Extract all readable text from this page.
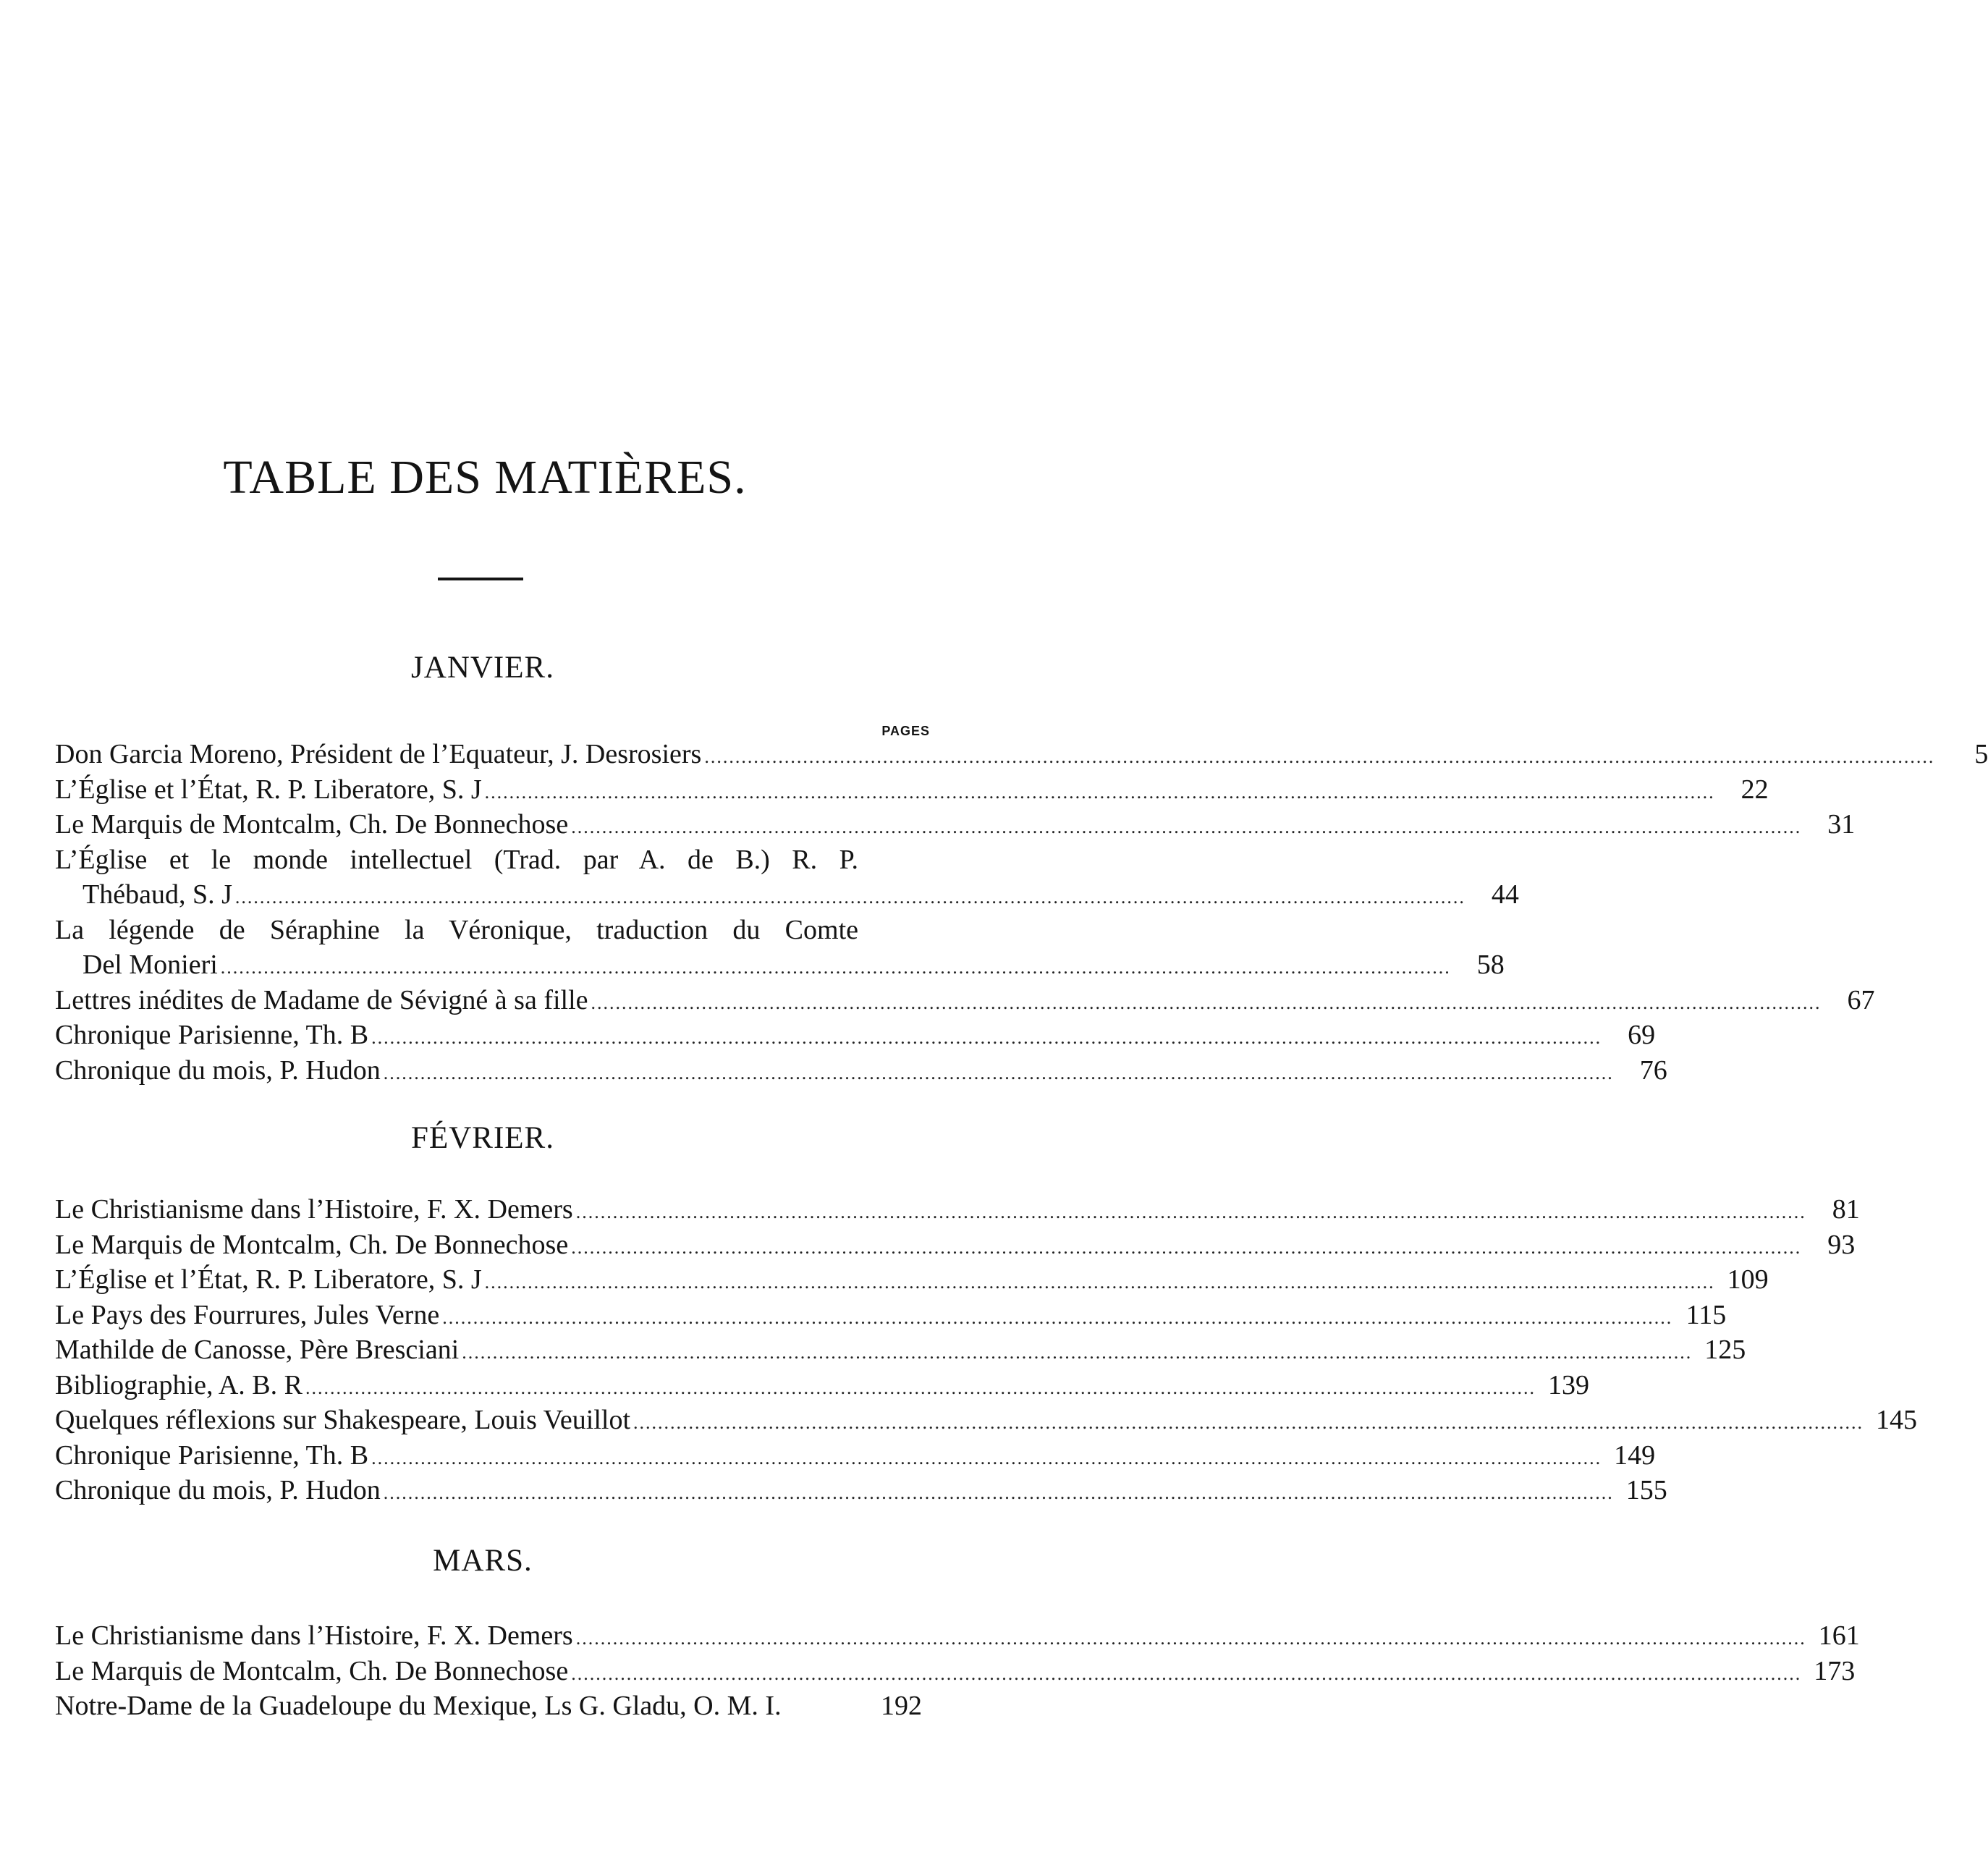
TABLE DES MATIÈRES.
JANVIER.
PAGES
Don Garcia Moreno, Président de l’Equateur, J. Desrosiers ........................................................................................................................................................................................................	5
L’Église et l’État, R. P. Liberatore, S. J ........................................................................................................................................................................................................ 22
Le Marquis de Montcalm, Ch. De Bonnechose ........................................................................................................................................................................................................ 31
L’Église et le monde intellectuel (Trad. par A. de B.) R. P.
Thébaud, S. J ........................................................................................................................................................................................................ 44
La légende de Séraphine la Véronique, traduction du Comte
Del Monieri ........................................................................................................................................................................................................ 58
Lettres inédites de Madame de Sévigné à sa fille ........................................................................................................................................................................................................ 67
Chronique Parisienne, Th. B ........................................................................................................................................................................................................ 69
Chronique du mois, P. Hudon ........................................................................................................................................................................................................ 76
FÉVRIER.
Le Christianisme dans l’Histoire, F. X. Demers ........................................................................................................................................................................................................ 81
Le Marquis de Montcalm, Ch. De Bonnechose ........................................................................................................................................................................................................ 93
L’Église et l’État, R. P. Liberatore, S. J ........................................................................................................................................................................................................ 109
Le Pays des Fourrures, Jules Verne ........................................................................................................................................................................................................ 115
Mathilde de Canosse, Père Bresciani ........................................................................................................................................................................................................ 125
Bibliographie, A. B. R ........................................................................................................................................................................................................ 139
Quelques réflexions sur Shakespeare, Louis Veuillot ........................................................................................................................................................................................................ 145
Chronique Parisienne, Th. B ........................................................................................................................................................................................................ 149
Chronique du mois, P. Hudon ........................................................................................................................................................................................................ 155
MARS.
Le Christianisme dans l’Histoire, F. X. Demers ........................................................................................................................................................................................................ 161
Le Marquis de Montcalm, Ch. De Bonnechose ........................................................................................................................................................................................................ 173
Notre-Dame de la Guadeloupe du Mexique, Ls G. Gladu, O. M. I.	192
